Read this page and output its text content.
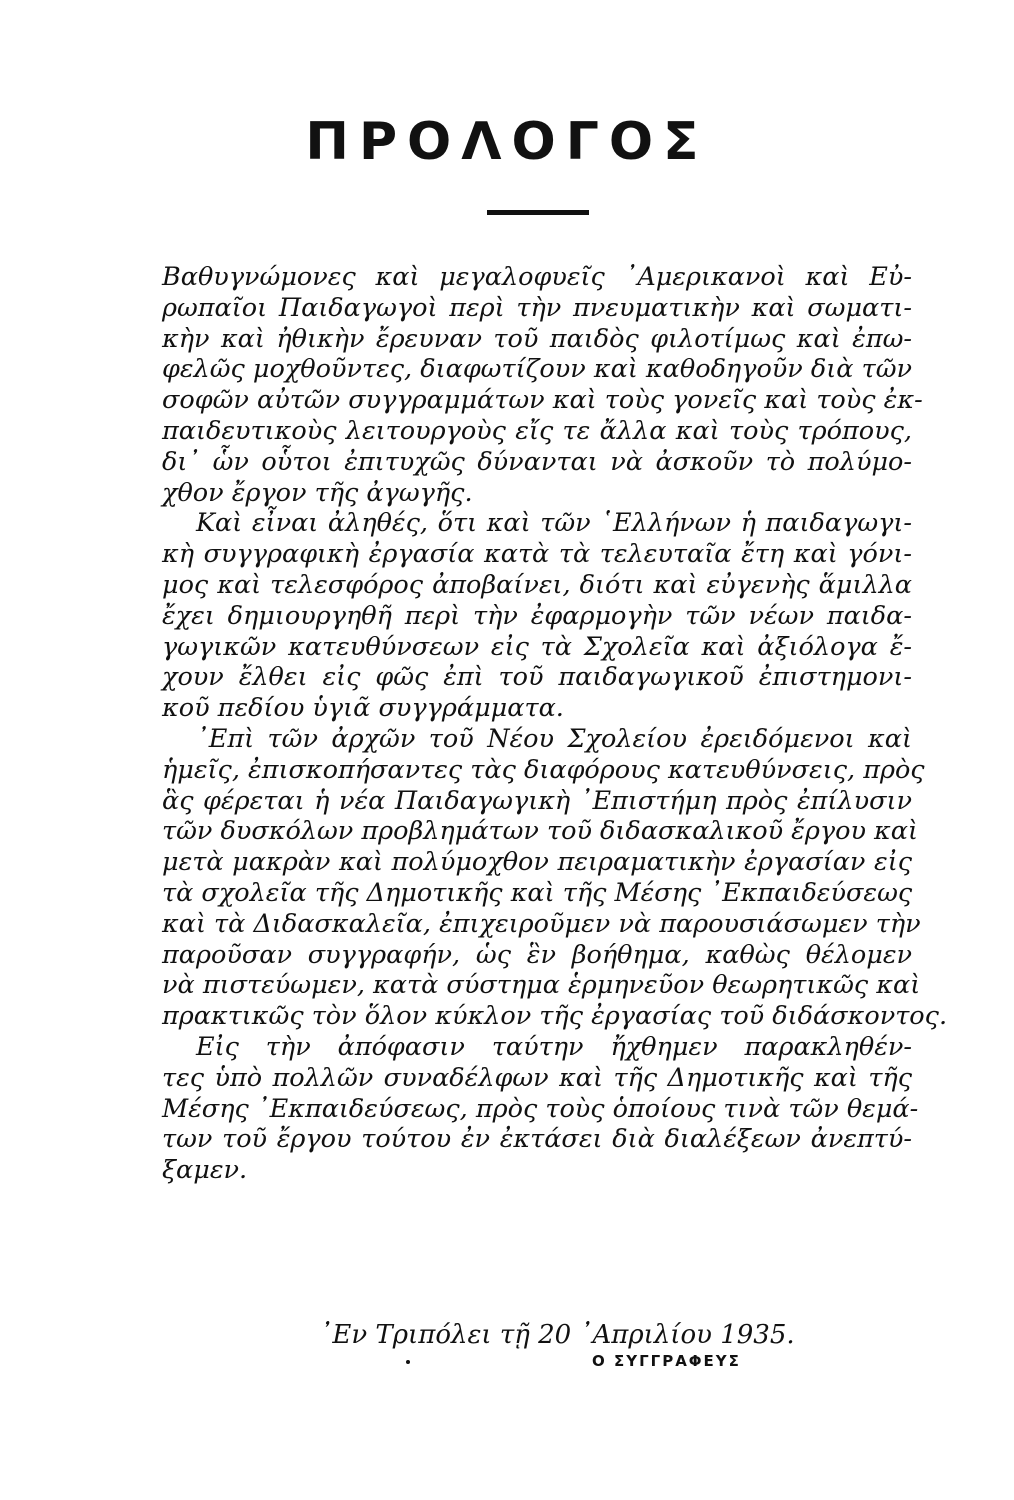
ΠΡΟΛΟΓΟΣ
Βαθυγνώμονες καὶ μεγαλοφυεῖς ᾿Αμερικανοὶ καὶ Εὐ-
ρωπαῖοι Παιδαγωγοὶ περὶ τὴν πνευματικὴν καὶ σωματι-
κὴν καὶ ἠθικὴν ἔρευναν τοῦ παιδὸς φιλοτίμως καὶ ἐπω-
φελῶς μοχθοῦντες, διαφωτίζουν καὶ καθοδηγοῦν διὰ τῶν
σοφῶν αὐτῶν συγγραμμάτων καὶ τοὺς γονεῖς καὶ τοὺς ἐκ-
παιδευτικοὺς λειτουργοὺς εἴς τε ἄλλα καὶ τοὺς τρόπους,
δι᾿ ὧν οὗτοι ἐπιτυχῶς δύνανται νὰ ἀσκοῦν τὸ πολύμο-
χθον ἔργον τῆς ἀγωγῆς.
Καὶ εἶναι ἀληθές, ὅτι καὶ τῶν ῾Ελλήνων ἡ παιδαγωγι-
κὴ συγγραφικὴ ἐργασία κατὰ τὰ τελευταῖα ἔτη καὶ γόνι-
μος καὶ τελεσφόρος ἀποβαίνει, διότι καὶ εὐγενὴς ἅμιλλα
ἔχει δημιουργηθῆ περὶ τὴν ἐφαρμογὴν τῶν νέων παιδα-
γωγικῶν κατευθύνσεων εἰς τὰ Σχολεῖα καὶ ἀξιόλογα ἔ-
χουν ἔλθει εἰς φῶς ἐπὶ τοῦ παιδαγωγικοῦ ἐπιστημονι-
κοῦ πεδίου ὑγιᾶ συγγράμματα.
᾿Επὶ τῶν ἀρχῶν τοῦ Νέου Σχολείου ἐρειδόμενοι καὶ
ἡμεῖς, ἐπισκοπήσαντες τὰς διαφόρους κατευθύνσεις, πρὸς
ἃς φέρεται ἡ νέα Παιδαγωγικὴ ᾿Επιστήμη πρὸς ἐπίλυσιν
τῶν δυσκόλων προβλημάτων τοῦ διδασκαλικοῦ ἔργου καὶ
μετὰ μακρὰν καὶ πολύμοχθον πειραματικὴν ἐργασίαν εἰς
τὰ σχολεῖα τῆς Δημοτικῆς καὶ τῆς Μέσης ᾿Εκπαιδεύσεως
καὶ τὰ Διδασκαλεῖα, ἐπιχειροῦμεν νὰ παρουσιάσωμεν τὴν
παροῦσαν συγγραφήν, ὡς ἓν βοήθημα, καθὼς θέλομεν
νὰ πιστεύωμεν, κατὰ σύστημα ἑρμηνεῦον θεωρητικῶς καὶ
πρακτικῶς τὸν ὅλον κύκλον τῆς ἐργασίας τοῦ διδάσκοντος.
Εἰς τὴν ἀπόφασιν ταύτην ἤχθημεν παρακληθέν-
τες ὑπὸ πολλῶν συναδέλφων καὶ τῆς Δημοτικῆς καὶ τῆς
Μέσης ᾿Εκπαιδεύσεως, πρὸς τοὺς ὁποίους τινὰ τῶν θεμά-
των τοῦ ἔργου τούτου ἐν ἐκτάσει διὰ διαλέξεων ἀνεπτύ-
ξαμεν.
᾿Εν Τριπόλει τῇ 20 ᾿Απριλίου 1935.
Ο ΣΥΓΓΡΑΦΕΥΣ
